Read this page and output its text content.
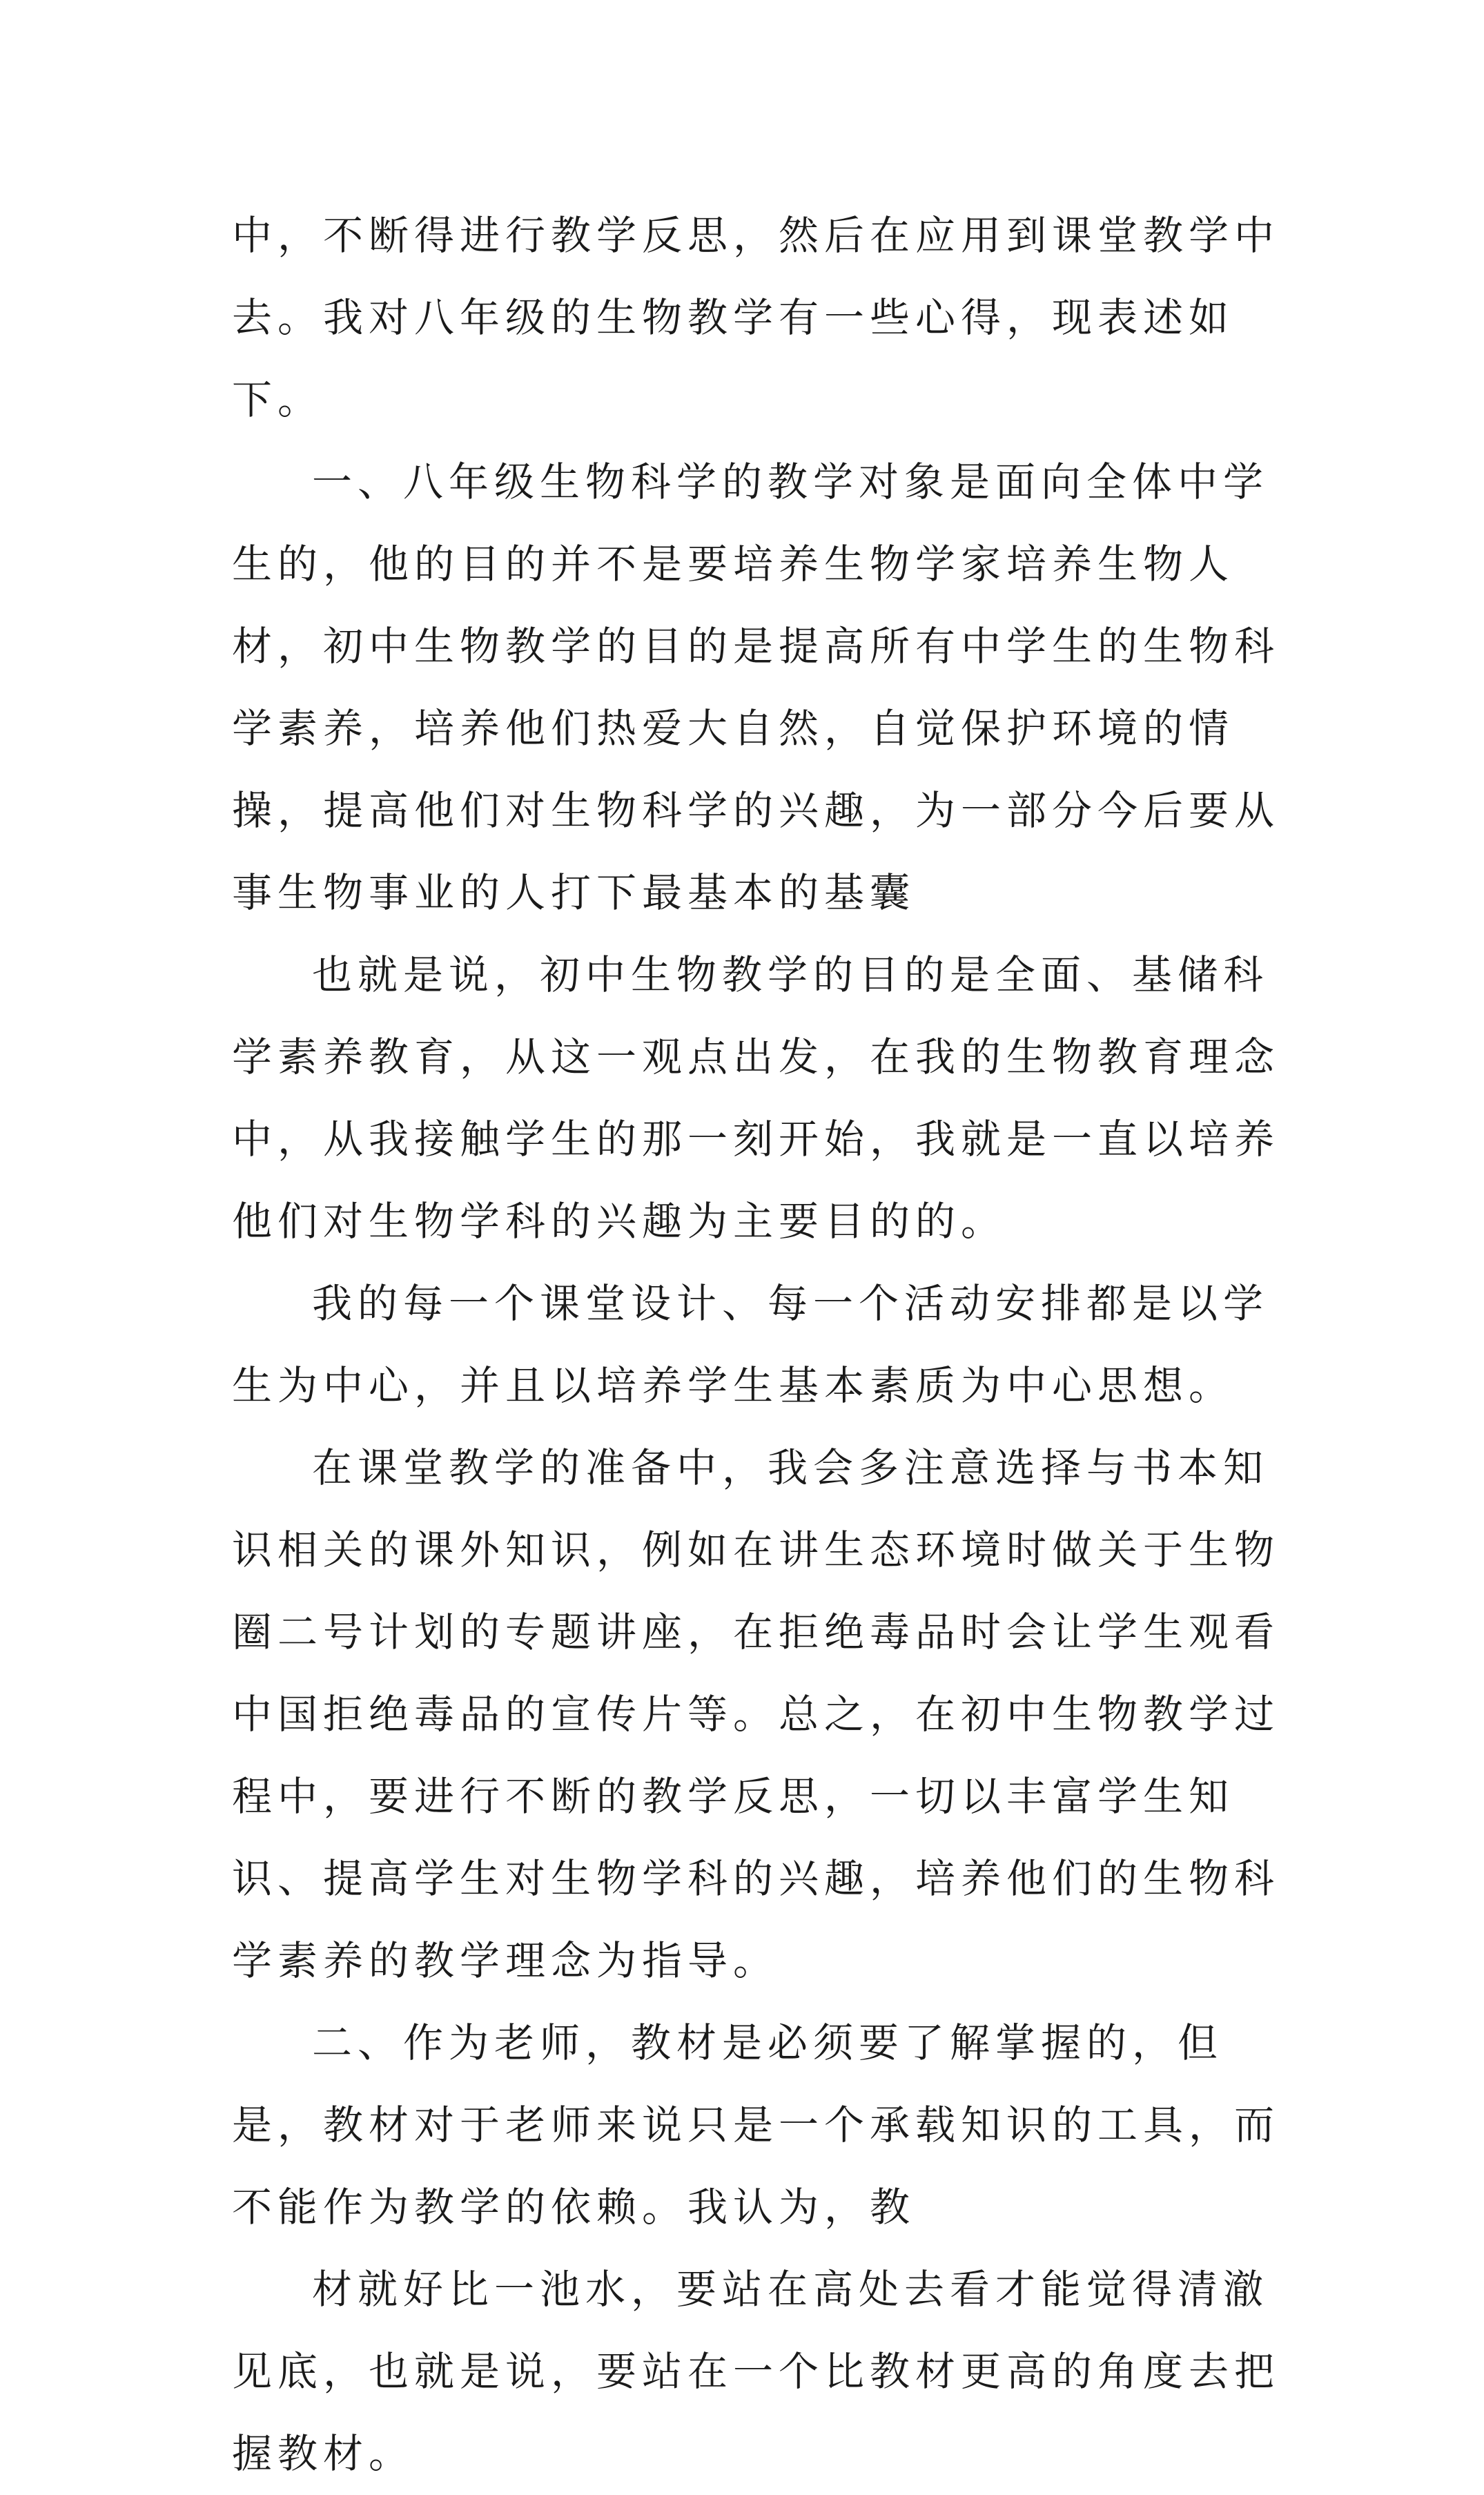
中，不断得进行教学反思，然后在应用到课堂教学中去。我对八年级的生物教学有一些心得，现表述如下。

一、八年级生物科学的教学对象是面向全体中学生的，他的目的并不是要培养生物学家培养生物人材，初中生物教学的目的是提高所有中学生的生物科学素养，培养他们热爱大自然，自觉保护环境的情操，提高他们对生物科学的兴趣，为一部分今后要从事生物事业的人打下最基本的基囊

也就是说，初中生物教学的目的是全面、基储科学素养教育，从这一观点出发，在我的生物教育理念中，从我接触学生的那一刻开始，我就是一直以培养他们对生物学科的兴趣为主要目的的。

我的每一个课堂设计、每一个活动安排都是以学生为中心，并且以培养学生基本素质为中心思想。

在课堂教学的准备中，我会多注意选择与书本知识相关的课外知识，例如在讲生态环境时做关于生物圈二号计划的专题讲座，在拒绝毒品时会让学生观看中国拒绝毒品的宣传片等。总之，在初中生物教学过程中，要进行不断的教学反思，一切以丰富学生知识、提高学生对生物学科的兴趣，培养他们的生物科学素养的教学理念为指导。

二、作为老师，教材是必须要了解掌握的，但是，教材对于老师来说只是一个承载知识的工具，而不能作为教学的依赖。我认为，教

材就好比一池水，要站在高处去看才能觉得清澈见底，也就是说，要站在一个比教材更高的角度去把握教材。
